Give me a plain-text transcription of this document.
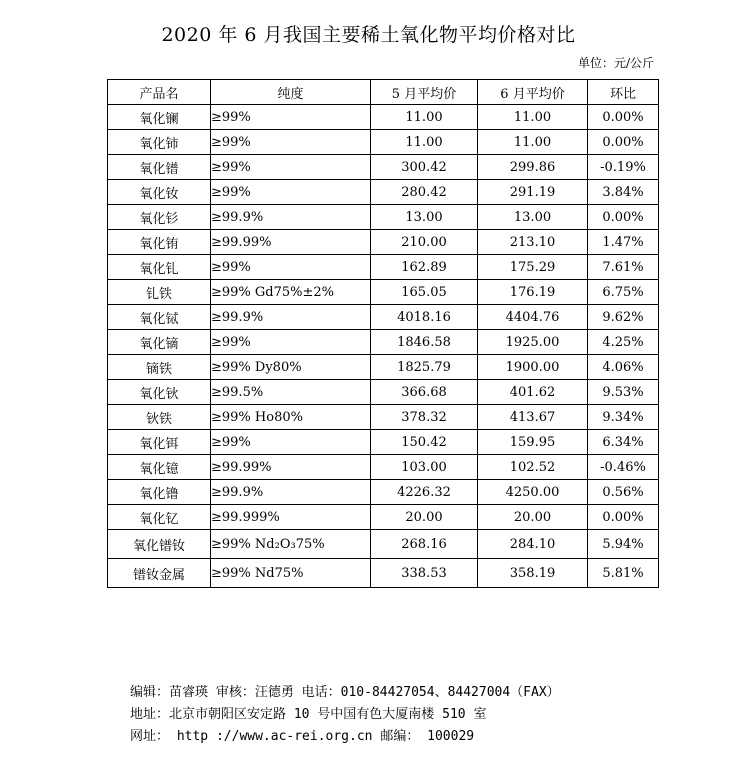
2020 年 6 月我国主要稀土氧化物平均价格对比
单位：元/公斤
产品名	纯度	5 月平均价	6 月平均价	环比
氧化镧	≥99%	11.00	11.00	0.00%
氧化铈	≥99%	11.00	11.00	0.00%
氧化镨	≥99%	300.42	299.86	-0.19%
氧化钕	≥99%	280.42	291.19	3.84%
氧化钐	≥99.9%	13.00	13.00	0.00%
氧化铕	≥99.99%	210.00	213.10	1.47%
氧化钆	≥99%	162.89	175.29	7.61%
钆铁	≥99% Gd75%±2%	165.05	176.19	6.75%
氧化铽	≥99.9%	4018.16	4404.76	9.62%
氧化镝	≥99%	1846.58	1925.00	4.25%
镝铁	≥99% Dy80%	1825.79	1900.00	4.06%
氧化钬	≥99.5%	366.68	401.62	9.53%
钬铁	≥99% Ho80%	378.32	413.67	9.34%
氧化铒	≥99%	150.42	159.95	6.34%
氧化镱	≥99.99%	103.00	102.52	-0.46%
氧化镥	≥99.9%	4226.32	4250.00	0.56%
氧化钇	≥99.999%	20.00	20.00	0.00%
氧化镨钕	≥99% Nd₂O₃75%	268.16	284.10	5.94%
镨钕金属	≥99% Nd75%	338.53	358.19	5.81%
编辑：苗睿瑛 审核：汪德勇 电话：010-84427054、84427004（FAX）
地址：北京市朝阳区安定路 10 号中国有色大厦南楼 510 室
网址： http ://www.ac-rei.org.cn 邮编： 100029
